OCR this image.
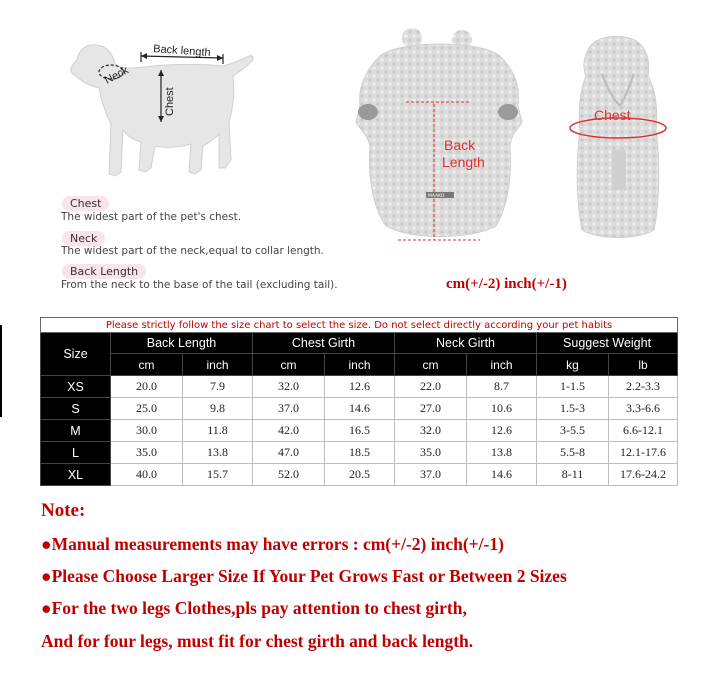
Back length
Neck
Chest
Chest
The widest part of the pet's chest.
Neck
The widest part of the neck,equal to collar length.
Back Length
From the neck to the base of the tail (excluding tail).
MAAKO
Back
Length
Chest
cm(+/-2) inch(+/-1)
Please strictly follow the size chart to select the size. Do not select directly according your pet habits								
Size	Back Length		Chest Girth		Neck Girth		Suggest Weight	
	cm	inch	cm	inch	cm	inch	kg	lb
XS	20.0	7.9	32.0	12.6	22.0	8.7	1-1.5	2.2-3.3
S	25.0	9.8	37.0	14.6	27.0	10.6	1.5-3	3.3-6.6
M	30.0	11.8	42.0	16.5	32.0	12.6	3-5.5	6.6-12.1
L	35.0	13.8	47.0	18.5	35.0	13.8	5.5-8	12.1-17.6
XL	40.0	15.7	52.0	20.5	37.0	14.6	8-11	17.6-24.2
Note:
●Manual measurements may have errors : cm(+/-2) inch(+/-1)
●Please Choose Larger Size If Your Pet Grows Fast or Between 2 Sizes
●For the two legs Clothes,pls pay attention to chest girth,
And for four legs, must fit for chest girth and back length.
